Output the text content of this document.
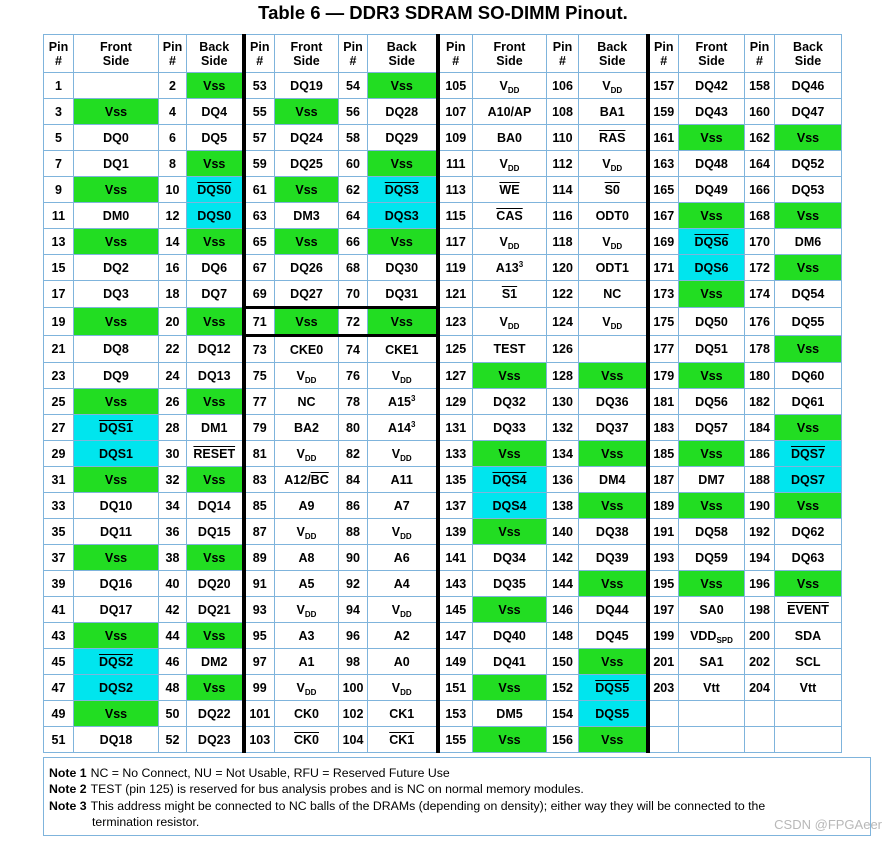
Table 6 — DDR3 SDRAM SO-DIMM Pinout.
Pin
#	Front
Side	Pin
#	Back
Side	Pin
#	Front
Side	Pin
#	Back
Side	Pin
#	Front
Side	Pin
#	Back
Side	Pin
#	Front
Side	Pin
#	Back
Side
1	$V_{REF}DQ$	2	Vss	53	DQ19	54	Vss	105	$V_{DD}$	106	$V_{DD}$	157	DQ42	158	DQ46
3	Vss	4	DQ4	55	Vss	56	DQ28	107	A10/AP	108	BA1	159	DQ43	160	DQ47
5	DQ0	6	DQ5	57	DQ24	58	DQ29	109	BA0	110	$\overline{RAS}$	161	Vss	162	Vss
7	DQ1	8	Vss	59	DQ25	60	Vss	111	$V_{DD}$	112	$V_{DD}$	163	DQ48	164	DQ52
9	Vss	10	DQS0	61	Vss	62	DQS3	113	$\overline{WE}$	114	S0	165	DQ49	166	DQ53
11	DM0	12	DQS0	63	DM3	64	DQS3	115	$\overline{CAS}$	116	ODT0	167	Vss	168	Vss
13	Vss	14	Vss	65	Vss	66	Vss	117	$V_{DD}$	118	$V_{DD}$	169	DQS6	170	DM6
15	DQ2	16	DQ6	67	DQ26	68	DQ30	119	$A13^3$	120	ODT1	171	DQS6	172	Vss
17	DQ3	18	DQ7	69	DQ27	70	DQ31	121	S1	122	NC	173	Vss	174	DQ54
19	Vss	20	Vss	71	Vss	72	Vss	123	$V_{DD}$	124	$V_{DD}$	175	DQ50	176	DQ55
21	DQ8	22	DQ12	73	CKE0	74	CKE1	125	TEST	126	$V_{REF}CA$	177	DQ51	178	Vss
23	DQ9	24	DQ13	75	$V_{DD}$	76	$V_{DD}$	127	Vss	128	Vss	179	Vss	180	DQ60
25	Vss	26	Vss	77	NC	78	$A15^3$	129	DQ32	130	DQ36	181	DQ56	182	DQ61
27	DQS1	28	DM1	79	BA2	80	$A14^3$	131	DQ33	132	DQ37	183	DQ57	184	Vss
29	DQS1	30	RESET	81	$V_{DD}$	82	$V_{DD}$	133	Vss	134	Vss	185	Vss	186	DQS7
31	Vss	32	Vss	83	$A12/\overline{BC}$	84	A11	135	DQS4	136	DM4	187	DM7	188	DQS7
33	DQ10	34	DQ14	85	A9	86	A7	137	DQS4	138	Vss	189	Vss	190	Vss
35	DQ11	36	DQ15	87	$V_{DD}$	88	$V_{DD}$	139	Vss	140	DQ38	191	DQ58	192	DQ62
37	Vss	38	Vss	89	A8	90	A6	141	DQ34	142	DQ39	193	DQ59	194	DQ63
39	DQ16	40	DQ20	91	A5	92	A4	143	DQ35	144	Vss	195	Vss	196	Vss
41	DQ17	42	DQ21	93	$V_{DD}$	94	$V_{DD}$	145	Vss	146	DQ44	197	SA0	198	EVENT
43	Vss	44	Vss	95	A3	96	A2	147	DQ40	148	DQ45	199	$VDD_{SPD}$	200	SDA
45	DQS2	46	DM2	97	A1	98	A0	149	DQ41	150	Vss	201	SA1	202	SCL
47	DQS2	48	Vss	99	$V_{DD}$	100	$V_{DD}$	151	Vss	152	DQS5	203	Vtt	204	Vtt
49	Vss	50	DQ22	101	CK0	102	CK1	153	DM5	154	DQS5				
51	DQ18	52	DQ23	103	CK0	104	CK1	155	Vss	156	Vss				
Note 1 NC = No Connect, NU = Not Usable, RFU = Reserved Future Use
Note 2 TEST (pin 125) is reserved for bus analysis probes and is NC on normal memory modules.
Note 3 This address might be connected to NC balls of the DRAMs (depending on density); either way they will be connected to the
termination resistor.	CSDN @FPGAeer
